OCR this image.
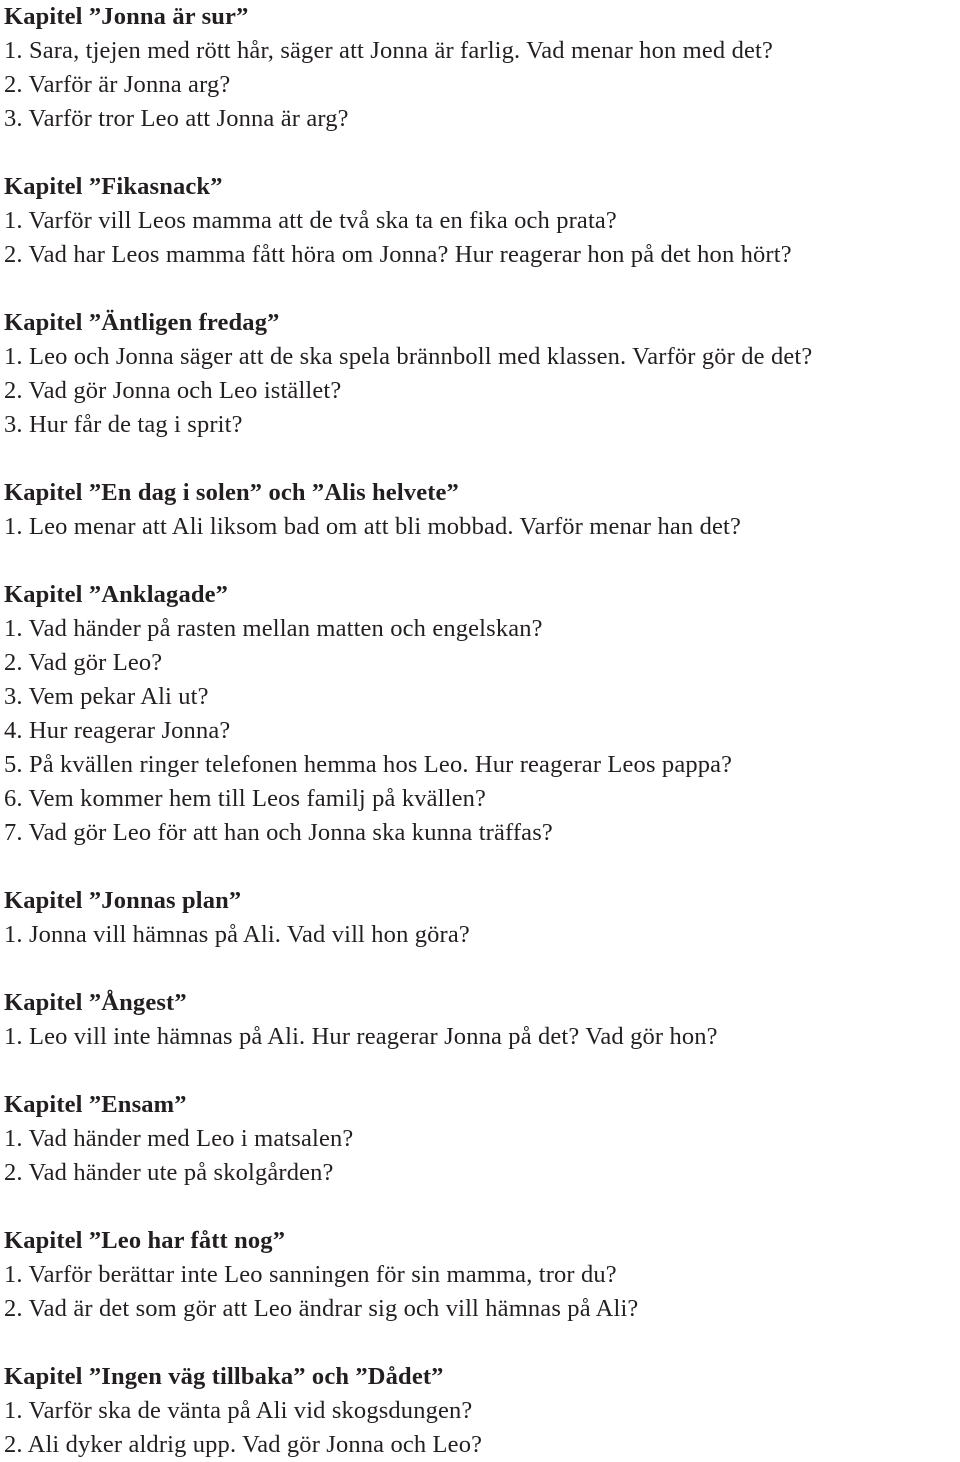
Kapitel ”Jonna är sur”
1. Sara, tjejen med rött hår, säger att Jonna är farlig. Vad menar hon med det?
2. Varför är Jonna arg?
3. Varför tror Leo att Jonna är arg?
Kapitel ”Fikasnack”
1. Varför vill Leos mamma att de två ska ta en fika och prata?
2. Vad har Leos mamma fått höra om Jonna? Hur reagerar hon på det hon hört?
Kapitel ”Äntligen fredag”
1. Leo och Jonna säger att de ska spela brännboll med klassen. Varför gör de det?
2. Vad gör Jonna och Leo istället?
3. Hur får de tag i sprit?
Kapitel ”En dag i solen” och ”Alis helvete”
1. Leo menar att Ali liksom bad om att bli mobbad. Varför menar han det?
Kapitel ”Anklagade”
1. Vad händer på rasten mellan matten och engelskan?
2. Vad gör Leo?
3. Vem pekar Ali ut?
4. Hur reagerar Jonna?
5. På kvällen ringer telefonen hemma hos Leo. Hur reagerar Leos pappa?
6. Vem kommer hem till Leos familj på kvällen?
7. Vad gör Leo för att han och Jonna ska kunna träffas?
Kapitel ”Jonnas plan”
1. Jonna vill hämnas på Ali. Vad vill hon göra?
Kapitel ”Ångest”
1. Leo vill inte hämnas på Ali. Hur reagerar Jonna på det? Vad gör hon?
Kapitel ”Ensam”
1. Vad händer med Leo i matsalen?
2. Vad händer ute på skolgården?
Kapitel ”Leo har fått nog”
1. Varför berättar inte Leo sanningen för sin mamma, tror du?
2. Vad är det som gör att Leo ändrar sig och vill hämnas på Ali?
Kapitel ”Ingen väg tillbaka” och ”Dådet”
1. Varför ska de vänta på Ali vid skogsdungen?
2. Ali dyker aldrig upp. Vad gör Jonna och Leo?
